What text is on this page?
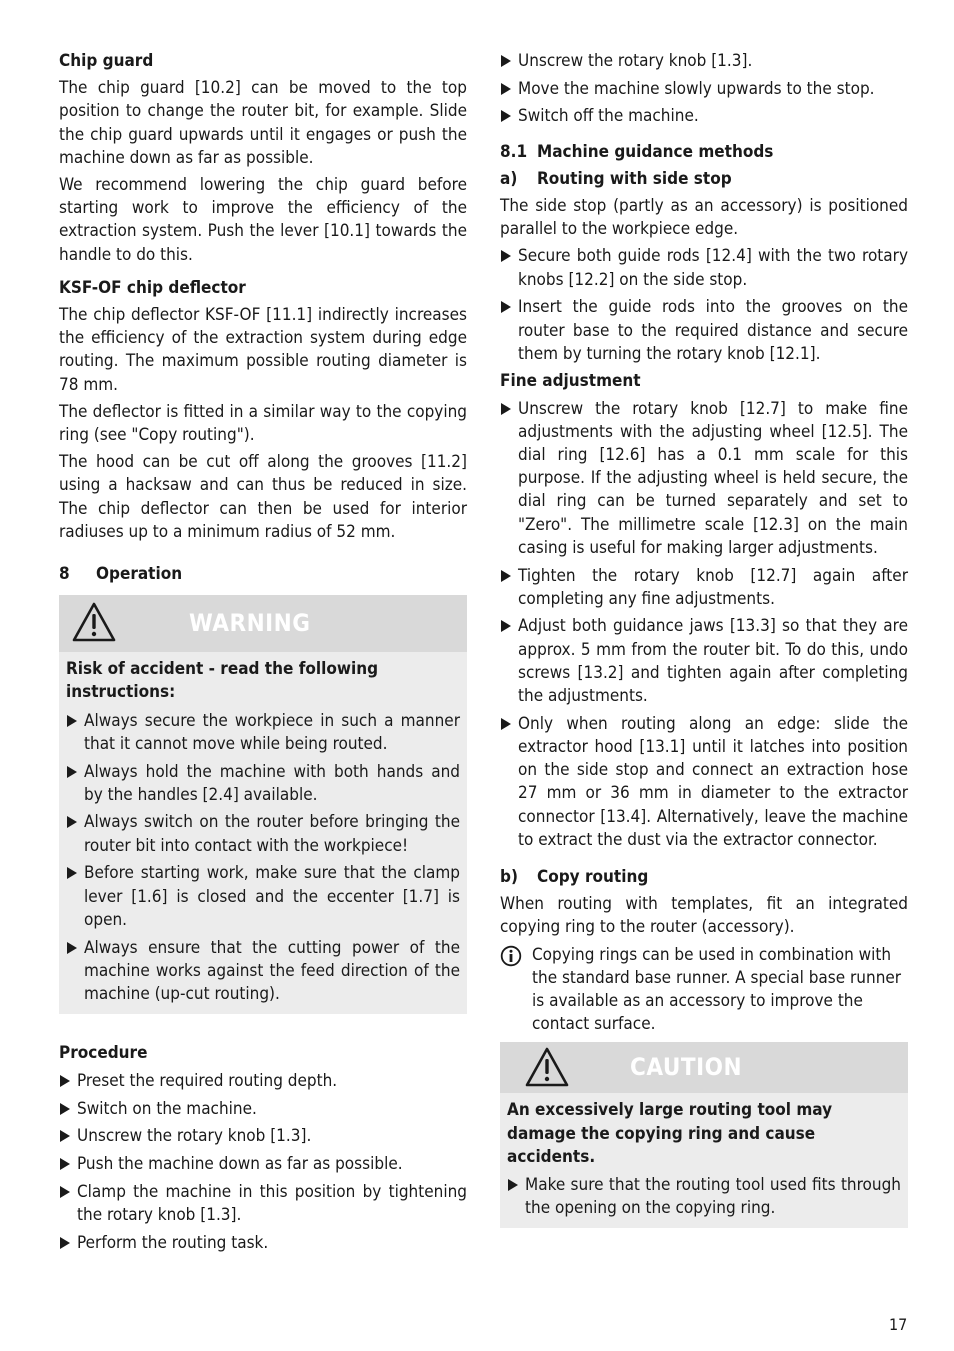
Chip guard
The chip guard [10.2] can be moved to the top position to change the router bit, for example. Slide the chip guard upwards until it engages or push the machine down as far as possible.
We recommend lowering the chip guard before starting work to improve the efficiency of the extraction system. Push the lever [10.1] towards the handle to do this.
KSF-OF chip deflector
The chip deflector KSF-OF [11.1] indirectly increases the efficiency of the extraction system during edge routing. The maximum possible routing diameter is 78 mm.
The deflector is fitted in a similar way to the copying ring (see "Copy routing").
The hood can be cut off along the grooves [11.2] using a hacksaw and can thus be reduced in size. The chip deflector can then be used for interior radiuses up to a minimum radius of 52 mm.
8	Operation
WARNING
Risk of accident - read the following instructions:
Always secure the workpiece in such a manner that it cannot move while being routed.
Always hold the machine with both hands and by the handles [2.4] available.
Always switch on the router before bringing the router bit into contact with the workpiece!
Before starting work, make sure that the clamp lever [1.6] is closed and the eccenter [1.7] is open.
Always ensure that the cutting power of the machine works against the feed direction of the machine (up-cut routing).
Procedure
Preset the required routing depth.
Switch on the machine.
Unscrew the rotary knob [1.3].
Push the machine down as far as possible.
Clamp the machine in this position by tightening the rotary knob [1.3].
Perform the routing task.
Unscrew the rotary knob [1.3].
Move the machine slowly upwards to the stop.
Switch off the machine.
8.1 Machine guidance methods
a)	Routing with side stop
The side stop (partly as an accessory) is positioned parallel to the workpiece edge.
Secure both guide rods [12.4] with the two rotary knobs [12.2] on the side stop.
Insert the guide rods into the grooves on the router base to the required distance and secure them by turning the rotary knob [12.1].
Fine adjustment
Unscrew the rotary knob [12.7] to make fine adjustments with the adjusting wheel [12.5]. The dial ring [12.6] has a 0.1 mm scale for this purpose. If the adjusting wheel is held secure, the dial ring can be turned separately and set to "Zero". The millimetre scale [12.3] on the main casing is useful for making larger adjustments.
Tighten the rotary knob [12.7] again after completing any fine adjustments.
Adjust both guidance jaws [13.3] so that they are approx. 5 mm from the router bit. To do this, undo screws [13.2] and tighten again after completing the adjustments.
Only when routing along an edge: slide the extractor hood [13.1] until it latches into position on the side stop and connect an extraction hose 27 mm or 36 mm in diameter to the extractor connector [13.4]. Alternatively, leave the machine to extract the dust via the extractor connector.
b)	Copy routing
When routing with templates, fit an integrated copying ring to the router (accessory).
Copying rings can be used in combination with the standard base runner. A special base runner is available as an accessory to improve the contact surface.
CAUTION
An excessively large routing tool may damage the copying ring and cause accidents.
Make sure that the routing tool used fits through the opening on the copying ring.
17
